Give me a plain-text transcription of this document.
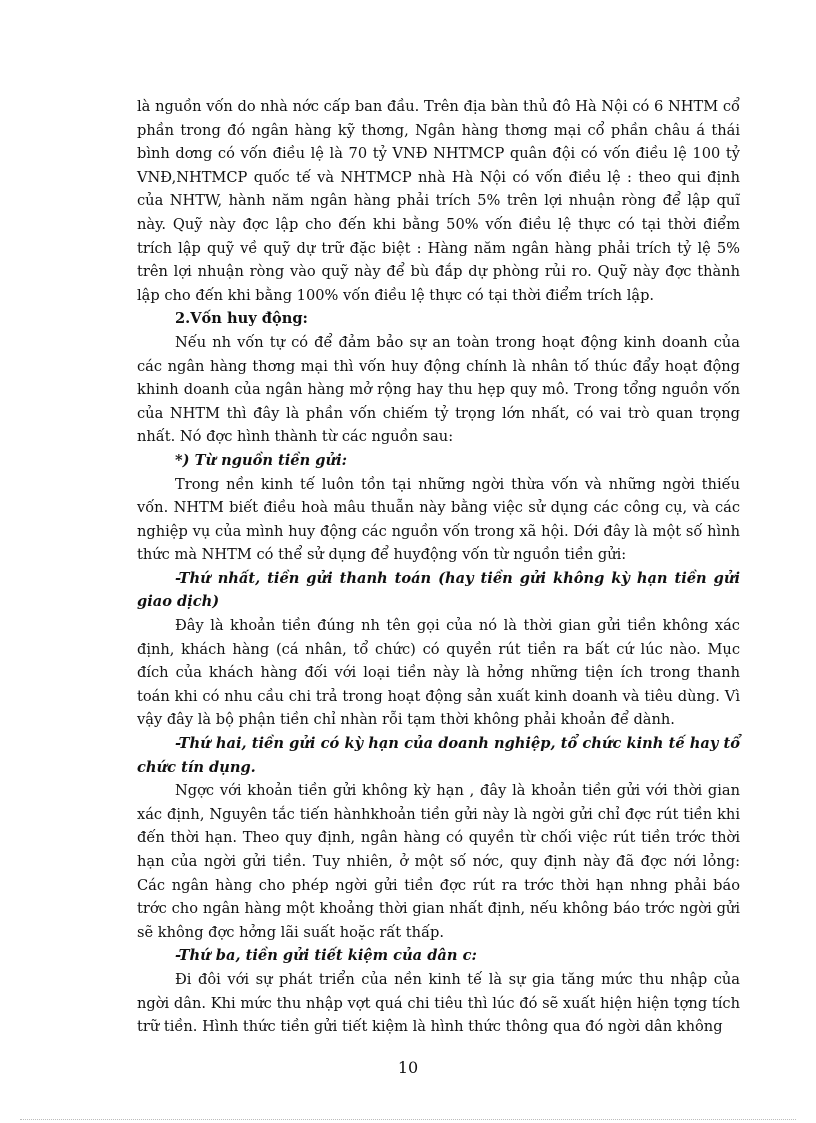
là nguồn vốn do nhà nớc cấp ban đầu. Trên địa bàn thủ đô Hà Nội có 6 NHTM cổ phần trong đó ngân hàng kỹ thơng, Ngân hàng thơng mại cổ phần châu á thái bình dơng có vốn điều lệ là 70 tỷ VNĐ NHTMCP quân đội có vốn điều lệ 100 tỷ VNĐ,NHTMCP quốc tế và NHTMCP nhà Hà Nội có vốn điều lệ : theo qui định của NHTW, hành năm ngân hàng phải trích 5% trên lợi nhuận ròng để lập quĩ này. Quỹ này đợc lập cho đến khi bằng 50% vốn điều lệ thực có tại thời điểm trích lập quỹ về quỹ dự trữ đặc biệt : Hàng năm ngân hàng phải trích tỷ lệ 5% trên lợi nhuận ròng vào quỹ này để bù đắp dự phòng rủi ro. Quỹ này đợc thành lập cho đến khi bằng 100% vốn điều lệ thực có tại thời điểm trích lập.

2.Vốn huy động:

Nếu nh vốn tự có để đảm bảo sự an toàn trong hoạt động kinh doanh của các ngân hàng thơng mại thì vốn huy động chính là nhân tố thúc đẩy hoạt động khinh doanh của ngân hàng mở rộng hay thu hẹp quy mô. Trong tổng nguồn vốn của NHTM thì đây là phần vốn chiếm tỷ trọng lớn nhất, có vai trò quan trọng nhất. Nó đợc hình thành từ các nguồn sau:

*) Từ nguồn tiền gửi:

Trong nền kinh tế luôn tồn tại những ngời thừa vốn và những ngời thiếu vốn. NHTM biết điều hoà mâu thuẫn này bằng việc sử dụng các công cụ, và các nghiệp vụ của mình huy động các nguồn vốn trong xã hội. Dới đây là một số hình thức mà NHTM có thể sử dụng để huyđộng vốn từ nguồn tiền gửi:

-Thứ nhất, tiền gửi thanh toán (hay tiền gửi không kỳ hạn tiền gửi giao dịch)

Đây là khoản tiền đúng nh tên gọi của nó là thời gian gửi tiền không xác định, khách hàng (cá nhân, tổ chức) có quyền rút tiền ra bất cứ lúc nào. Mục đích của khách hàng đối với loại tiền này là hởng những tiện ích trong thanh toán khi có nhu cầu chi trả trong hoạt động sản xuất kinh doanh và tiêu dùng. Vì vậy đây là bộ phận tiền chỉ nhàn rỗi tạm thời không phải khoản để dành.

-Thứ hai, tiền gửi có kỳ hạn của doanh nghiệp, tổ chức kinh tế hay tổ chức tín dụng.

Ngợc với khoản tiền gửi không kỳ hạn , đây là khoản tiền gửi với thời gian xác định, Nguyên tắc tiến hànhkhoản tiền gửi này là ngời gửi chỉ đợc rút tiền khi đến thời hạn. Theo quy định, ngân hàng có quyền từ chối việc rút tiền trớc thời hạn của ngời gửi tiền. Tuy nhiên, ở một số nớc, quy định này đã đợc nới lỏng: Các ngân hàng cho phép ngời gửi tiền đợc rút ra trớc thời hạn nhng phải báo trớc cho ngân hàng một khoảng thời gian nhất định, nếu không báo trớc ngời gửi sẽ không đợc hởng lãi suất hoặc rất thấp.

-Thứ ba, tiền gửi tiết kiệm của dân c:

Đi đôi với sự phát triển của nền kinh tế là sự gia tăng mức thu nhập của ngời dân. Khi mức thu nhập vợt quá chi tiêu thì lúc đó sẽ xuất hiện hiện tợng tích trữ tiền. Hình thức tiền gửi tiết kiệm là hình thức thông qua đó ngời dân không

10
